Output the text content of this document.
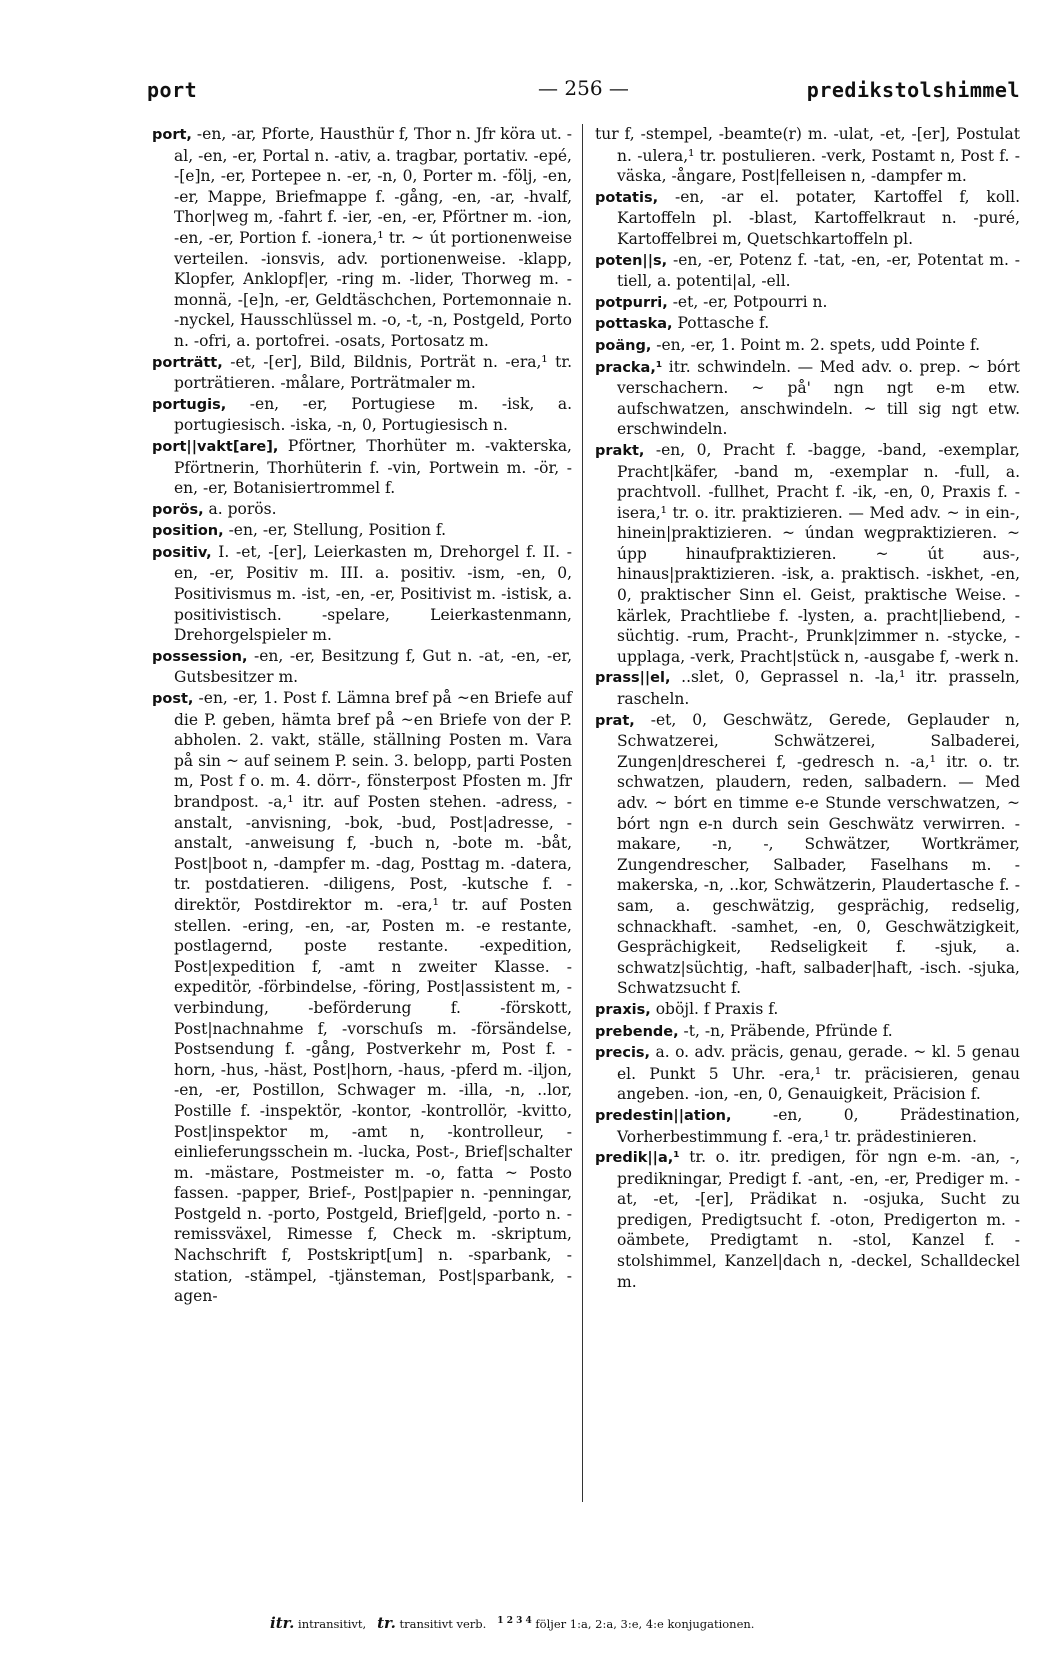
port	— 256 —	predikstolshimmel

port, -en, -ar, Pforte, Hausthür f, Thor n. Jfr köra ut. -al, -en, -er, Portal n. -ativ, a. tragbar, portativ. -epé, -[e]n, -er, Portepee n. -er, -n, 0, Porter m. -följ, -en, -er, Mappe, Briefmappe f. -gång, -en, -ar, -hvalf, Thor|weg m, -fahrt f. -ier, -en, -er, Pförtner m. -ion, -en, -er, Portion f. -ionera,¹ tr. ~ út portionenweise verteilen. -ionsvis, adv. portionenweise. -klapp, Klopfer, Anklopf|er, -ring m. -lider, Thorweg m. -monnä, -[e]n, -er, Geldtäschchen, Portemonnaie n. -nyckel, Hausschlüssel m. -o, -t, -n, Postgeld, Porto n. -ofri, a. portofrei. -osats, Portosatz m.

porträtt, -et, -[er], Bild, Bildnis, Porträt n. -era,¹ tr. porträtieren. -målare, Porträtmaler m.

portugis, -en, -er, Portugiese m. -isk, a. portugiesisch. -iska, -n, 0, Portugiesisch n.

port||vakt[are], Pförtner, Thorhüter m. -vakterska, Pförtnerin, Thorhüterin f. -vin, Portwein m. -ör, -en, -er, Botanisiertrommel f.

porös, a. porös.

position, -en, -er, Stellung, Position f.

positiv, I. -et, -[er], Leierkasten m, Drehorgel f. II. -en, -er, Positiv m. III. a. positiv. -ism, -en, 0, Positivismus m. -ist, -en, -er, Positivist m. -istisk, a. positivistisch. -spelare, Leierkastenmann, Drehorgelspieler m.

possession, -en, -er, Besitzung f, Gut n. -at, -en, -er, Gutsbesitzer m.

post, -en, -er, 1. Post f. Lämna bref på ~en Briefe auf die P. geben, hämta bref på ~en Briefe von der P. abholen. 2. vakt, ställe, ställning Posten m. Vara på sin ~ auf seinem P. sein. 3. belopp, parti Posten m, Post f o. m. 4. dörr-, fönsterpost Pfosten m. Jfr brandpost. -a,¹ itr. auf Posten stehen. -adress, -anstalt, -anvisning, -bok, -bud, Post|adresse, -anstalt, -anweisung f, -buch n, -bote m. -båt, Post|boot n, -dampfer m. -dag, Posttag m. -datera, tr. postdatieren. -diligens, Post, -kutsche f. -direktör, Postdirektor m. -era,¹ tr. auf Posten stellen. -ering, -en, -ar, Posten m. -e restante, postlagernd, poste restante. -expedition, Post|expedition f, -amt n zweiter Klasse. -expeditör, -förbindelse, -föring, Post|assistent m, -verbindung, -beförderung f. -förskott, Post|nachnahme f, -vorschuſs m. -försändelse, Postsendung f. -gång, Postverkehr m, Post f. -horn, -hus, -häst, Post|horn, -haus, -pferd m. -iljon, -en, -er, Postillon, Schwager m. -illa, -n, ..lor, Postille f. -inspektör, -kontor, -kontrollör, -kvitto, Post|inspektor m, -amt n, -kontrolleur, -einlieferungsschein m. -lucka, Post-, Brief|schalter m. -mästare, Postmeister m. -o, fatta ~ Posto fassen. -papper, Brief-, Post|papier n. -penningar, Postgeld n. -porto, Postgeld, Brief|geld, -porto n. -remissväxel, Rimesse f, Check m. -skriptum, Nachschrift f, Postskript[um] n. -sparbank, -station, -stämpel, -tjänsteman, Post|sparbank, -agen-

tur f, -stempel, -beamte(r) m. -ulat, -et, -[er], Postulat n. -ulera,¹ tr. postulieren. -verk, Postamt n, Post f. -väska, -ångare, Post|felleisen n, -dampfer m.

potatis, -en, -ar el. potater, Kartoffel f, koll. Kartoffeln pl. -blast, Kartoffelkraut n. -puré, Kartoffelbrei m, Quetschkartoffeln pl.

poten||s, -en, -er, Potenz f. -tat, -en, -er, Potentat m. -tiell, a. potenti|al, -ell.

potpurri, -et, -er, Potpourri n.

pottaska, Pottasche f.

poäng, -en, -er, 1. Point m. 2. spets, udd Pointe f.

pracka,¹ itr. schwindeln. — Med adv. o. prep. ~ bórt verschachern. ~ på' ngn ngt e-m etw. aufschwatzen, anschwindeln. ~ till sig ngt etw. erschwindeln.

prakt, -en, 0, Pracht f. -bagge, -band, -exemplar, Pracht|käfer, -band m, -exemplar n. -full, a. prachtvoll. -fullhet, Pracht f. -ik, -en, 0, Praxis f. -isera,¹ tr. o. itr. praktizieren. — Med adv. ~ in ein-, hinein|praktizieren. ~ úndan wegpraktizieren. ~ úpp hinaufpraktizieren. ~ út aus-, hinaus|praktizieren. -isk, a. praktisch. -iskhet, -en, 0, praktischer Sinn el. Geist, praktische Weise. -kärlek, Prachtliebe f. -lysten, a. pracht|liebend, -süchtig. -rum, Pracht-, Prunk|zimmer n. -stycke, -upplaga, -verk, Pracht|stück n, -ausgabe f, -werk n.

prass||el, ..slet, 0, Geprassel n. -la,¹ itr. prasseln, rascheln.

prat, -et, 0, Geschwätz, Gerede, Geplauder n, Schwatzerei, Schwätzerei, Salbaderei, Zungen|drescherei f, -gedresch n. -a,¹ itr. o. tr. schwatzen, plaudern, reden, salbadern. — Med adv. ~ bórt en timme e-e Stunde verschwatzen, ~ bórt ngn e-n durch sein Geschwätz verwirren. -makare, -n, -, Schwätzer, Wortkrämer, Zungendrescher, Salbader, Faselhans m. -makerska, -n, ..kor, Schwätzerin, Plaudertasche f. -sam, a. geschwätzig, gesprächig, redselig, schnackhaft. -samhet, -en, 0, Geschwätzigkeit, Gesprächigkeit, Redseligkeit f. -sjuk, a. schwatz|süchtig, -haft, salbader|haft, -isch. -sjuka, Schwatzsucht f.

praxis, oböjl. f Praxis f.

prebende, -t, -n, Präbende, Pfründe f.

precis, a. o. adv. präcis, genau, gerade. ~ kl. 5 genau el. Punkt 5 Uhr. -era,¹ tr. präcisieren, genau angeben. -ion, -en, 0, Genauigkeit, Präcision f.

predestin||ation, -en, 0, Prädestination, Vorherbestimmung f. -era,¹ tr. prädestinieren.

predik||a,¹ tr. o. itr. predigen, för ngn e-m. -an, -, predikningar, Predigt f. -ant, -en, -er, Prediger m. -at, -et, -[er], Prädikat n. -osjuka, Sucht zu predigen, Predigtsucht f. -oton, Predigerton m. -oämbete, Predigtamt n. -stol, Kanzel f. -stolshimmel, Kanzel|dach n, -deckel, Schalldeckel m.

itr. intransitivt, tr. transitivt verb. $^{1 2 3 4}$ följer 1:a, 2:a, 3:e, 4:e konjugationen.
